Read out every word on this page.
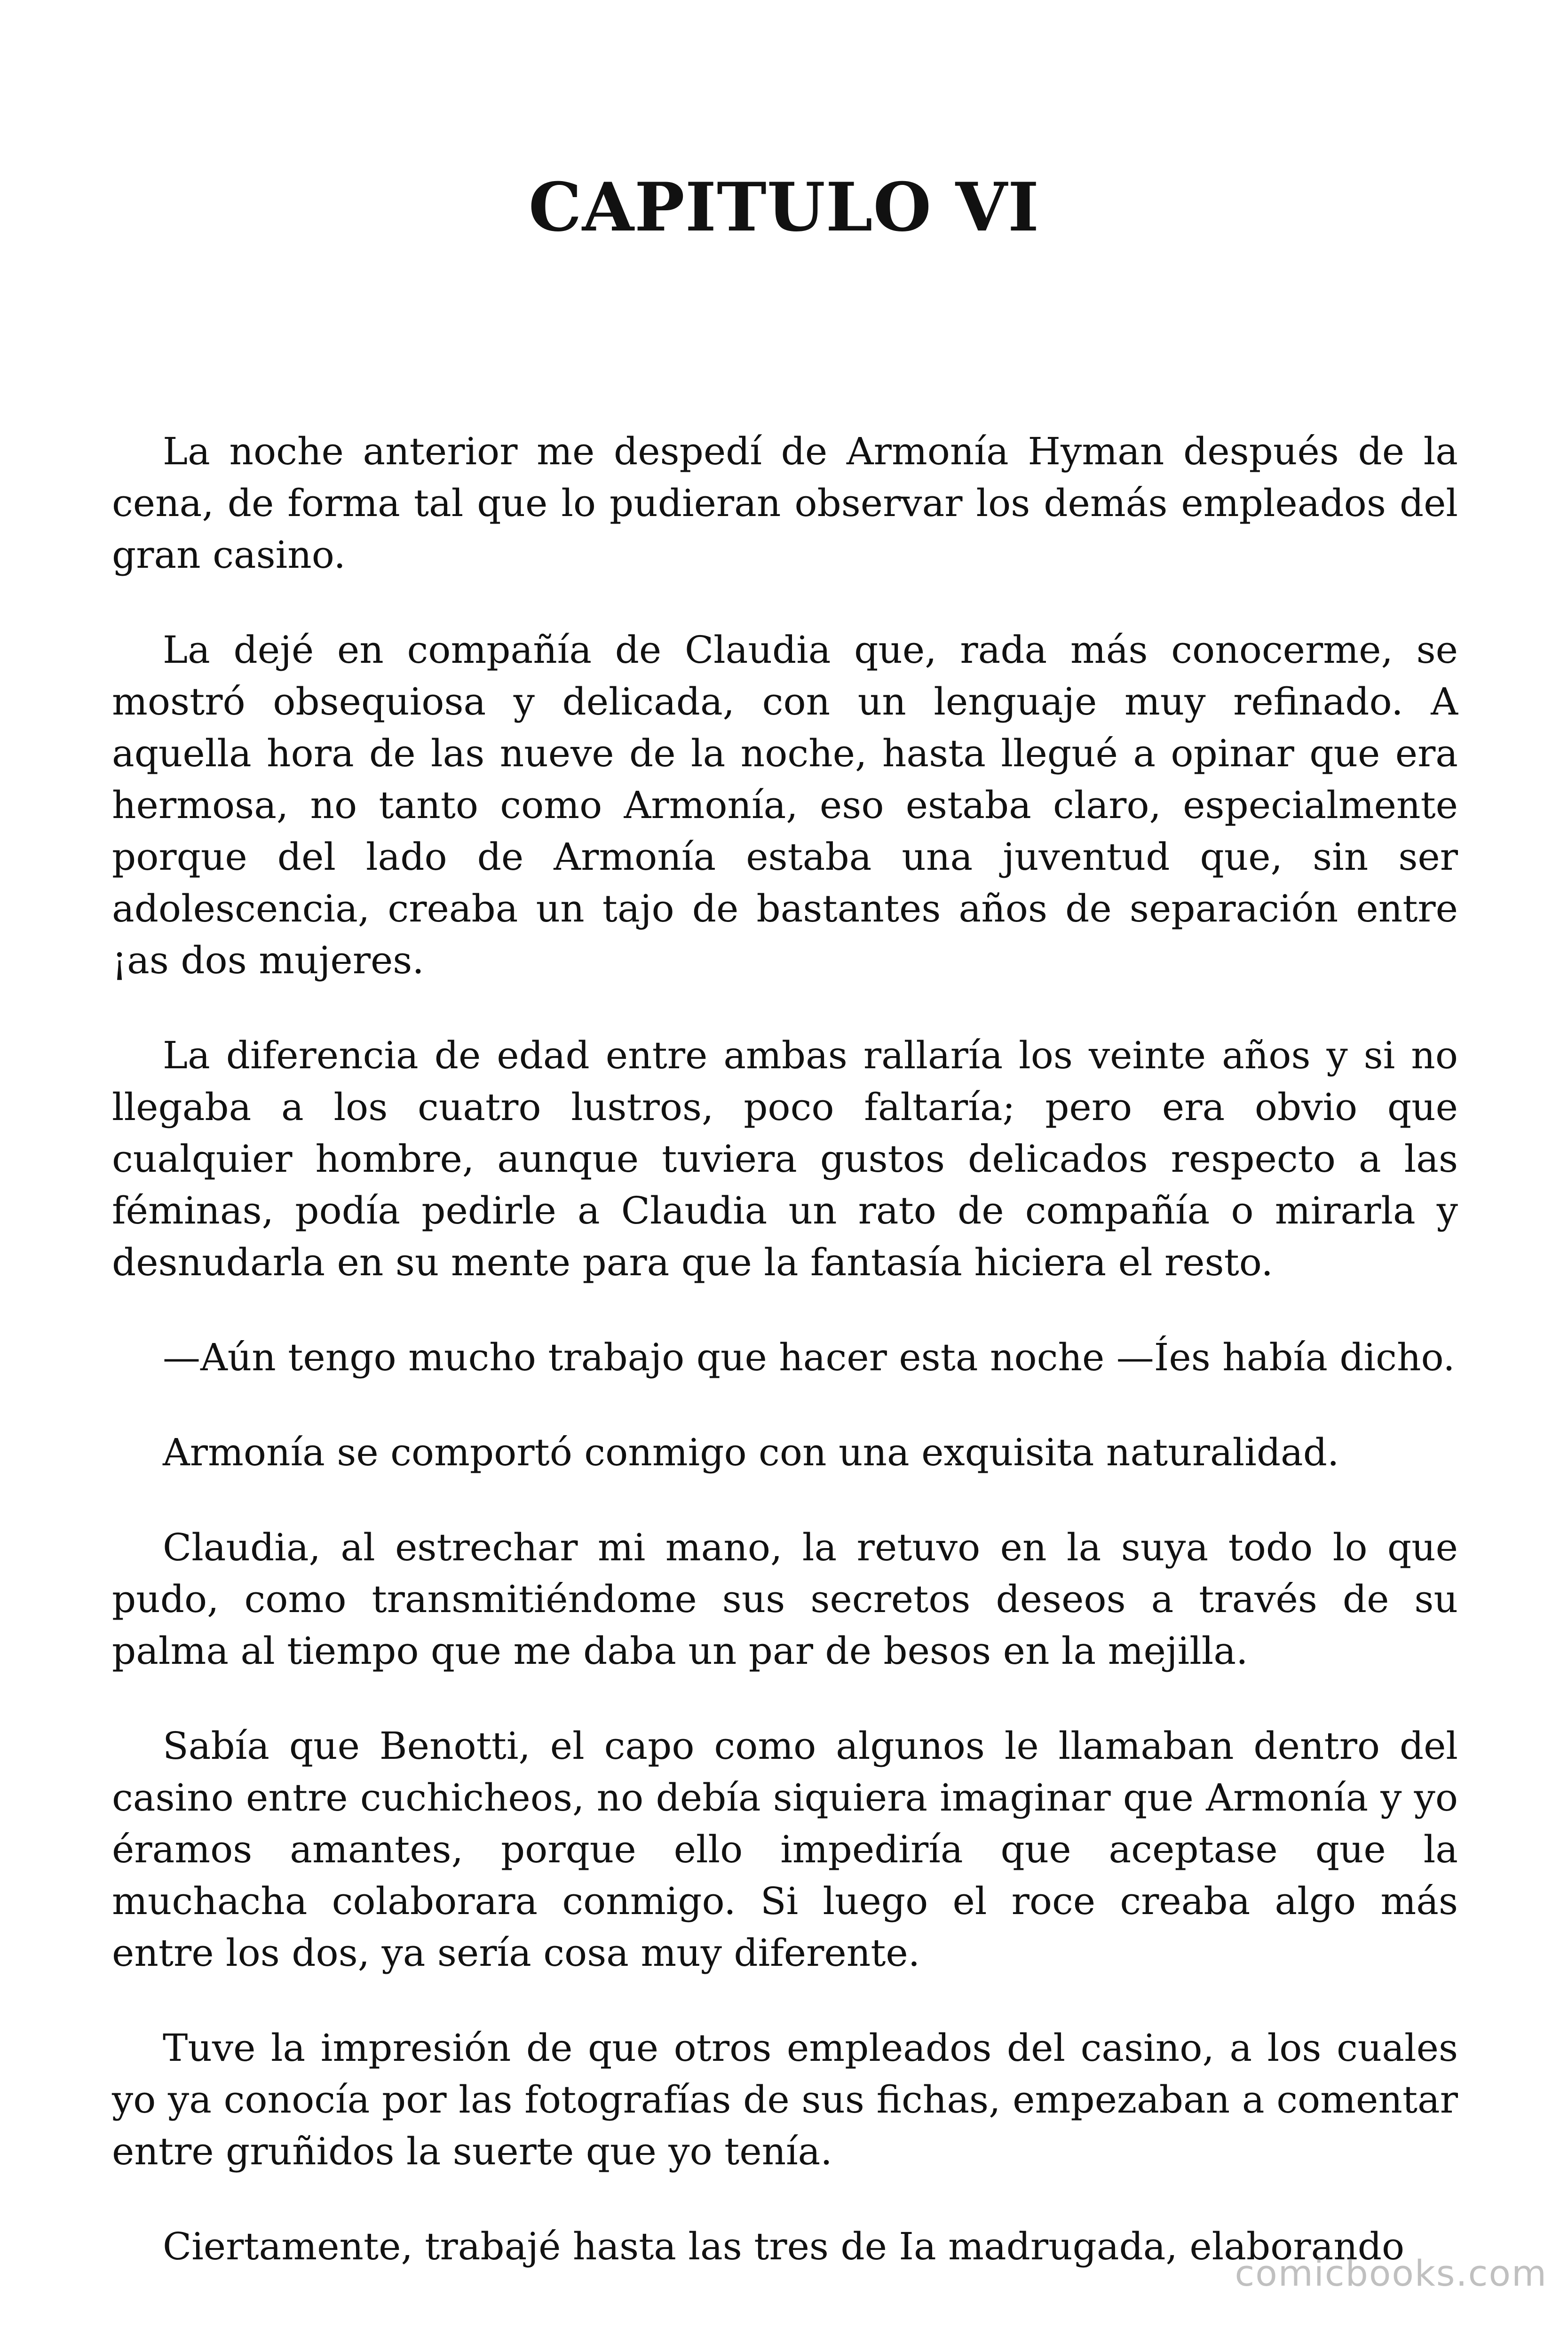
CAPITULO VI

La noche anterior me despedí de Armonía Hyman después de la cena, de forma tal que lo pudieran observar los demás empleados del gran casino.

La dejé en compañía de Claudia que, rada más conocerme, se mostró obsequiosa y delicada, con un lenguaje muy refinado. A aquella hora de las nueve de la noche, hasta llegué a opinar que era hermosa, no tanto como Armonía, eso estaba claro, especialmente porque del lado de Armonía estaba una juventud que, sin ser adolescencia, creaba un tajo de bastantes años de separación entre ¡as dos mujeres.

La diferencia de edad entre ambas rallaría los veinte años y si no llegaba a los cuatro lustros, poco faltaría; pero era obvio que cualquier hombre, aunque tuviera gustos delicados respecto a las féminas, podía pedirle a Claudia un rato de compañía o mirarla y desnudarla en su mente para que la fantasía hiciera el resto.

—Aún tengo mucho trabajo que hacer esta noche —Íes había dicho.

Armonía se comportó conmigo con una exquisita naturalidad.

Claudia, al estrechar mi mano, la retuvo en la suya todo lo que pudo, como transmitiéndome sus secretos deseos a través de su palma al tiempo que me daba un par de besos en la mejilla.

Sabía que Benotti, el capo como algunos le llamaban dentro del casino entre cuchicheos, no debía siquiera imaginar que Armonía y yo éramos amantes, porque ello impediría que aceptase que la muchacha colaborara conmigo. Si luego el roce creaba algo más entre los dos, ya sería cosa muy diferente.

Tuve la impresión de que otros empleados del casino, a los cuales yo ya conocía por las fotografías de sus fichas, empezaban a comentar entre gruñidos la suerte que yo tenía.

Ciertamente, trabajé hasta las tres de Ia madrugada, elaborando

comicbooks.com
